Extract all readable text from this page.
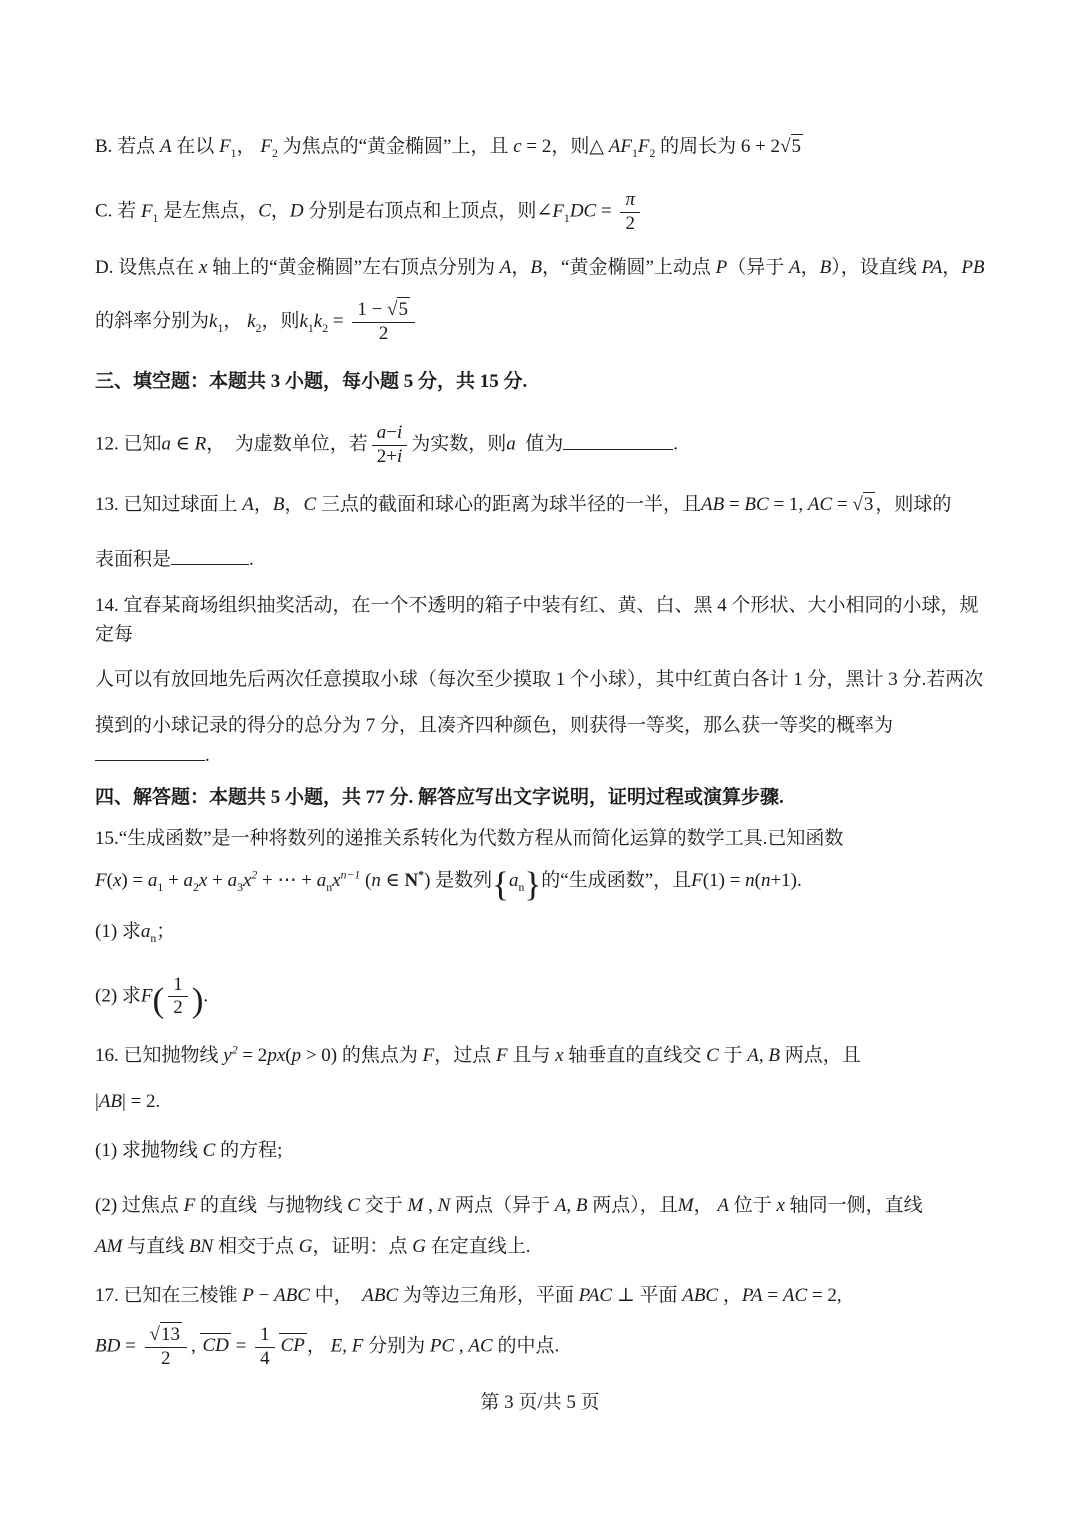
B. 若点 A 在以 $F_1$， $F_2$ 为焦点的“黄金椭圆”上，且 c = 2，则△ $AF_1F_2$ 的周长为 6 + 2√5
C. 若 $F_1$ 是左焦点，C，D 分别是右顶点和上顶点，则$\angle F_1DC = \frac{\pi}{2}$
D. 设焦点在 x 轴上的“黄金椭圆”左右顶点分别为 A，B，“黄金椭圆”上动点 P（异于 A，B），设直线 PA，PB
的斜率分别为$k_1$， $k_2$，则$k_1k_2 = \frac{1 - √5}{2}$
三、填空题：本题共 3 小题，每小题 5 分，共 15 分.
12. 已知a ∈ R，  为虚数单位，若 $\frac{a-i}{2+i}$ 为实数，则a  值为	.
13. 已知过球面上 A，B，C 三点的截面和球心的距离为球半径的一半，且AB = BC = 1, AC = √3 ，则球的
表面积是	.
14. 宜春某商场组织抽奖活动，在一个不透明的箱子中装有红、黄、白、黑 4 个形状、大小相同的小球，规定每
人可以有放回地先后两次任意摸取小球（每次至少摸取 1 个小球），其中红黄白各计 1 分，黑计 3 分.若两次
摸到的小球记录的得分的总分为 7 分，且凑齐四种颜色，则获得一等奖，那么获一等奖的概率为.
四、解答题：本题共 5 小题，共 77 分. 解答应写出文字说明，证明过程或演算步骤.
15.“生成函数”是一种将数列的递推关系转化为代数方程从而简化运算的数学工具.已知函数
$F(x) = a_1 + a_2x + a_3x^2$ + ⋯ + $a_nx^{n-1}$ (n ∈ N*) 是数列$\{a_n\}$的“生成函数”，且F(1) = n(n+1).
(1) 求$a_n$；
(2) 求$F( \frac{1}{2}$ ).
16. 已知抛物线 $y^2 = 2px(p > 0)$ 的焦点为 F，过点 F 且与 x 轴垂直的直线交 C 于 A, B 两点，且
|AB| = 2.
(1) 求抛物线 C 的方程;
(2) 过焦点 F 的直线  与抛物线 C 交于 M , N 两点（异于 A, B 两点），且M， A 位于 x 轴同一侧，直线
AM 与直线 BN 相交于点 G，证明：点 G 在定直线上.
17. 已知在三棱锥 P − ABC 中，  ABC 为等边三角形，平面 PAC ⊥ 平面 ABC ，PA = AC = 2,
BD = $\frac{√13}{2}$ , CD = $\frac{1}{4}$ CP ， E, F 分别为 PC , AC 的中点.
第 3 页/共 5 页
